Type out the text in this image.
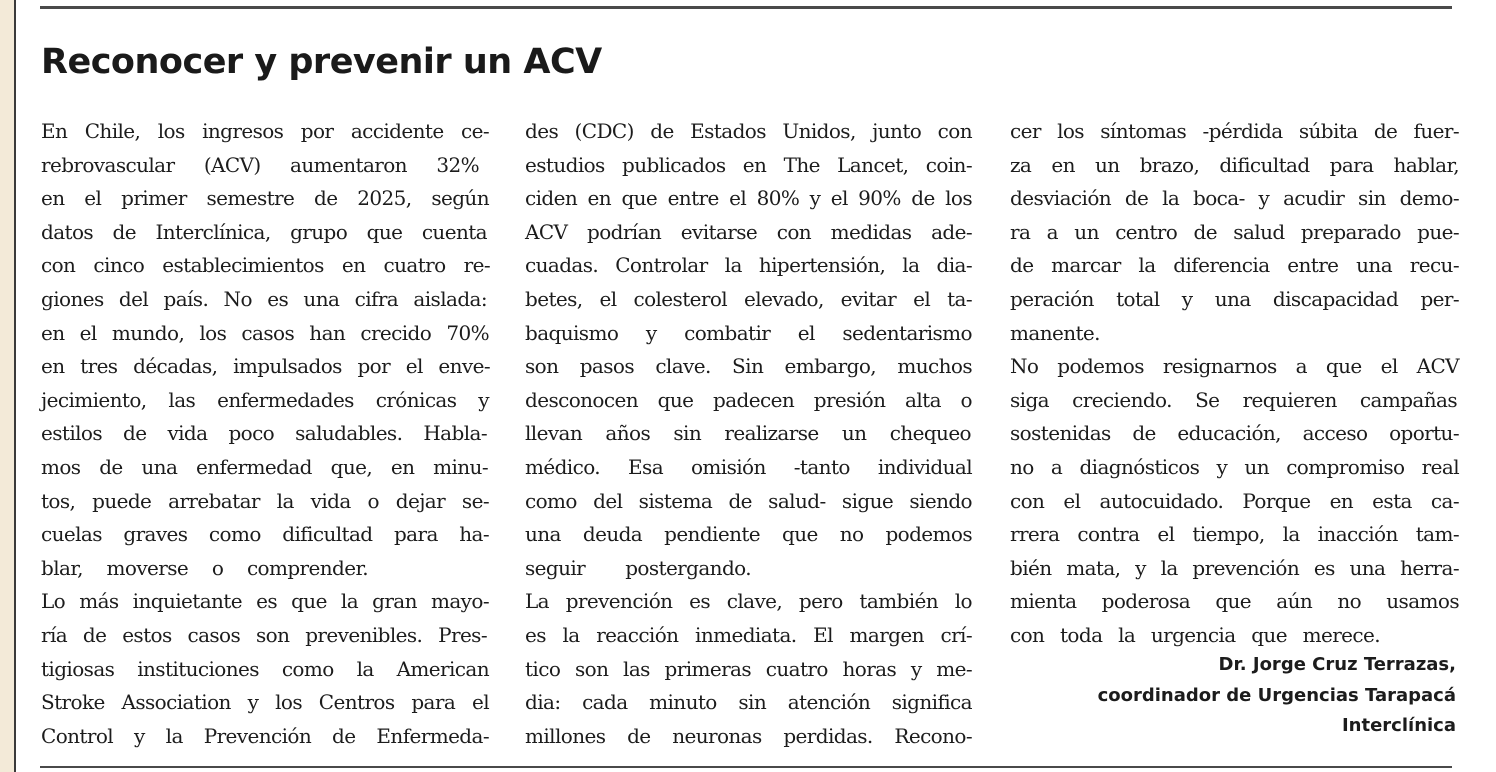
Reconocer y prevenir un ACV
En Chile, los ingresos por accidente ce-
rebrovascular (ACV) aumentaron 32%
en el primer semestre de 2025, según
datos de Interclínica, grupo que cuenta
con cinco establecimientos en cuatro re-
giones del país. No es una cifra aislada:
en el mundo, los casos han crecido 70%
en tres décadas, impulsados por el enve-
jecimiento, las enfermedades crónicas y
estilos de vida poco saludables. Habla-
mos de una enfermedad que, en minu-
tos, puede arrebatar la vida o dejar se-
cuelas graves como dificultad para ha-
blar, moverse o comprender.
Lo más inquietante es que la gran mayo-
ría de estos casos son prevenibles. Pres-
tigiosas instituciones como la American
Stroke Association y los Centros para el
Control y la Prevención de Enfermeda-
des (CDC) de Estados Unidos, junto con
estudios publicados en The Lancet, coin-
ciden en que entre el 80% y el 90% de los
ACV podrían evitarse con medidas ade-
cuadas. Controlar la hipertensión, la dia-
betes, el colesterol elevado, evitar el ta-
baquismo y combatir el sedentarismo
son pasos clave. Sin embargo, muchos
desconocen que padecen presión alta o
llevan años sin realizarse un chequeo
médico. Esa omisión -tanto individual
como del sistema de salud- sigue siendo
una deuda pendiente que no podemos
seguir postergando.
La prevención es clave, pero también lo
es la reacción inmediata. El margen crí-
tico son las primeras cuatro horas y me-
dia: cada minuto sin atención significa
millones de neuronas perdidas. Recono-
cer los síntomas -pérdida súbita de fuer-
za en un brazo, dificultad para hablar,
desviación de la boca- y acudir sin demo-
ra a un centro de salud preparado pue-
de marcar la diferencia entre una recu-
peración total y una discapacidad per-
manente.
No podemos resignarnos a que el ACV
siga creciendo. Se requieren campañas
sostenidas de educación, acceso oportu-
no a diagnósticos y un compromiso real
con el autocuidado. Porque en esta ca-
rrera contra el tiempo, la inacción tam-
bién mata, y la prevención es una herra-
mienta poderosa que aún no usamos
con toda la urgencia que merece.
Dr. Jorge Cruz Terrazas,
coordinador de Urgencias Tarapacá
Interclínica
